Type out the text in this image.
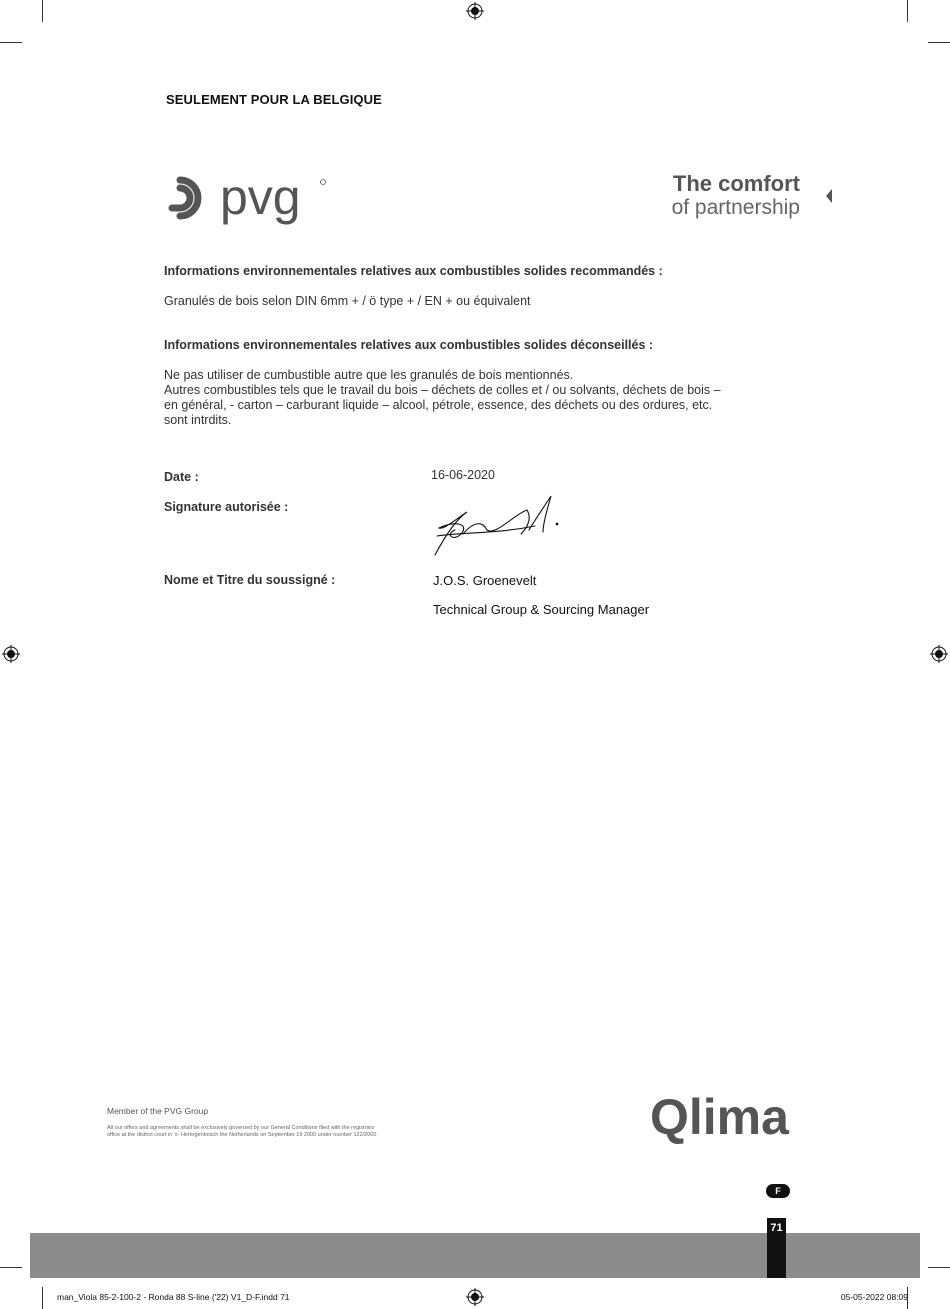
SEULEMENT POUR LA BELGIQUE
pvg	The comfort
of partnership
Informations environnementales relatives aux combustibles solides recommandés :
Granulés de bois selon DIN 6mm + / ö type + / EN + ou équivalent
Informations environnementales relatives aux combustibles solides déconseillés :
Ne pas utiliser de cumbustible autre que les granulés de bois mentionnés.
Autres combustibles tels que le travail du bois – déchets de colles et / ou solvants, déchets de bois –
en général, - carton – carburant liquide – alcool, pétrole, essence, des déchets ou des ordures, etc.
sont intrdits.
Date :	16-06-2020
Signature autorisée :
Nome et Titre du soussigné :	J.O.S. Groenevelt
Technical Group & Sourcing Manager
Member of the PVG Group
All our offers and agreements shall be exclusively governed by our General Conditions filed with the registrars
office at the district court in 's- Hertogenbosch the Netherlands on September 19 2000 under number 122/2000	Qlima
F
71
man_Viola 85-2-100-2 - Ronda 88 S-line ('22) V1_D-F.indd 71	05-05-2022 08:09
